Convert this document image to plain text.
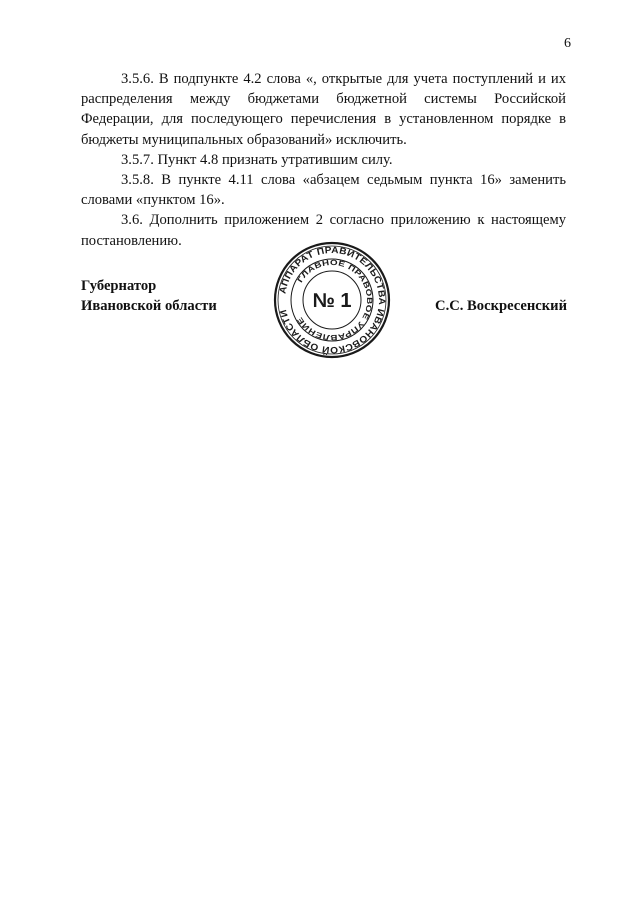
6

3.5.6. В подпункте 4.2 слова «, открытые для учета поступлений и их распределения между бюджетами бюджетной системы Российской Федерации, для последующего перечисления в установленном порядке в бюджеты муниципальных образований» исключить.

3.5.7. Пункт 4.8 признать утратившим силу.

3.5.8. В пункте 4.11 слова «абзацем седьмым пункта 16» заменить словами «пунктом 16».

3.6. Дополнить приложением 2 согласно приложению к настоящему постановлению.

Губернатор
Ивановской области
АППАРАТ ПРАВИТЕЛЬСТВА ИВАНОВСКОЙ ОБЛАСТИ
ГЛАВНОЕ ПРАВОВОЕ УПРАВЛЕНИЕ
№ 1	С.С. Воскресенский
